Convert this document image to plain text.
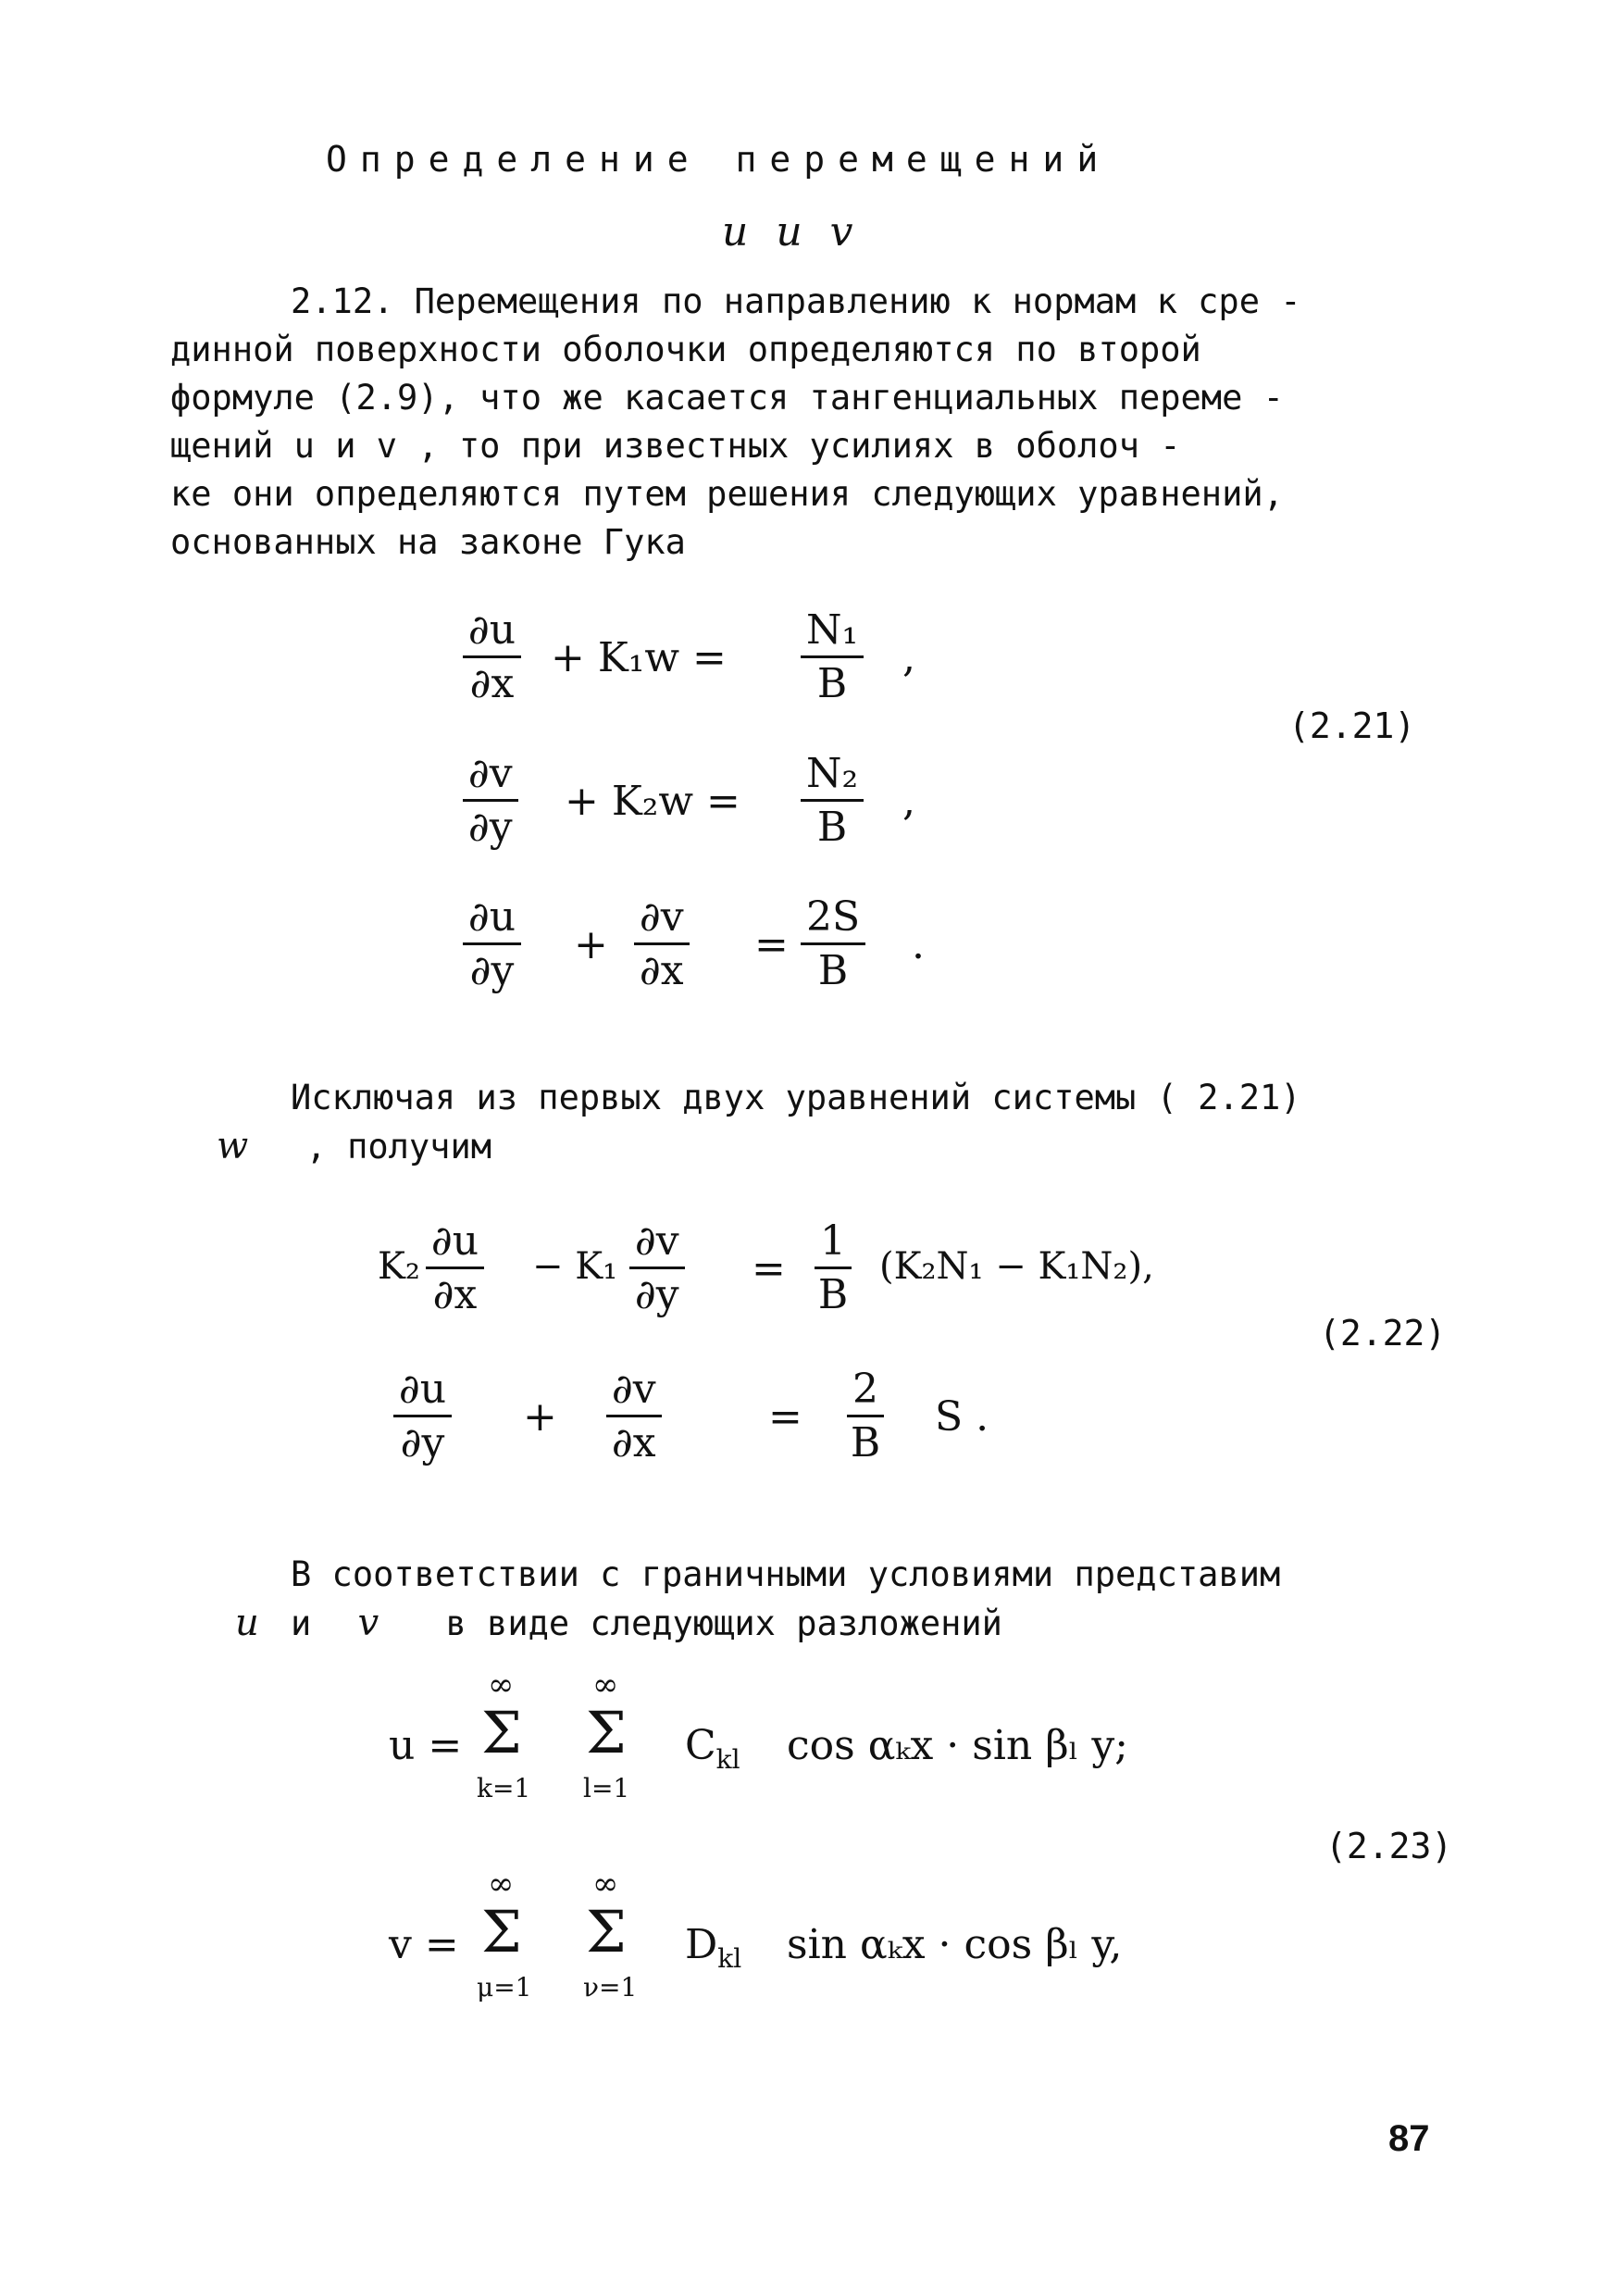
Определение перемещений
u и v
2.12. Перемещения по направлению к нормам к сре -
динной поверхности оболочки определяются по второй
формуле (2.9), что же касается тангенциальных переме -
щений u и v , то при известных усилиях в оболоч -
ке они определяются путем решения следующих уравнений,
основанных на законе Гука
$\frac{\partial u}{\partial x} + K_1w = \frac{\text{N₁}}{B}$ ,
$\frac{\partial v}{\partial y} + K_2w = \frac{\text{N₂}}{B}$ ,
$\frac{\partial u}{\partial y} + \frac{\partial v}{\partial x} = \frac{2S}{B}$ .
(2.21)
Исключая из первых двух уравнений системы ( 2.21)
w , получим
$K_2 \frac{\partial u}{\partial x} - K_1 \frac{\partial v}{\partial y} = \frac{1}{B} (K_2N_1 - K_1N_2)$,
$\frac{\partial u}{\partial y} + \frac{\partial v}{\partial x}$	= $\frac{2}{B}$ S .
(2.22)
В соответствии с граничными условиями представим
u и v в виде следующих разложений
u =
∞
Σ
k=1
∞
Σ
l=1
$C_{kl}$ cos αₖx · sin βₗ y;
v =
∞
Σ
μ=1
∞
Σ
ν=1
$D_{kl}$ sin αₖx · cos βₗ y,
(2.23)
87
